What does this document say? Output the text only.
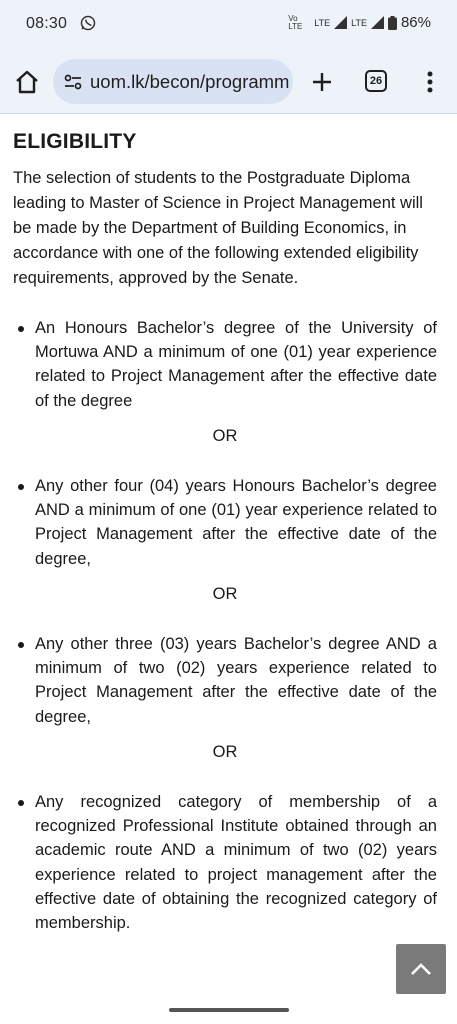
08:30	Vo LTE	LTE LTE 86%
uom.lk/becon/programm	26
ELIGIBILITY

The selection of students to the Postgraduate Diploma leading to Master of Science in Project Management will be made by the Department of Building Economics, in accordance with one of the following extended eligibility requirements, approved by the Senate.

An Honours Bachelor’s degree of the University of Mortuwa AND a minimum of one (01) year experience related to Project Management after the effective date of the degree
Any other four (04) years Honours Bachelor’s degree AND a minimum of one (01) year experience related to Project Management after the effective date of the degree,
Any other three (03) years Bachelor’s degree AND a minimum of two (02) years experience related to Project Management after the effective date of the degree,
Any recognized category of membership of a recognized Professional Institute obtained through an academic route AND a minimum of two (02) years experience related to project management after the effective date of obtaining the recognized category of membership.
OR
OR
OR
